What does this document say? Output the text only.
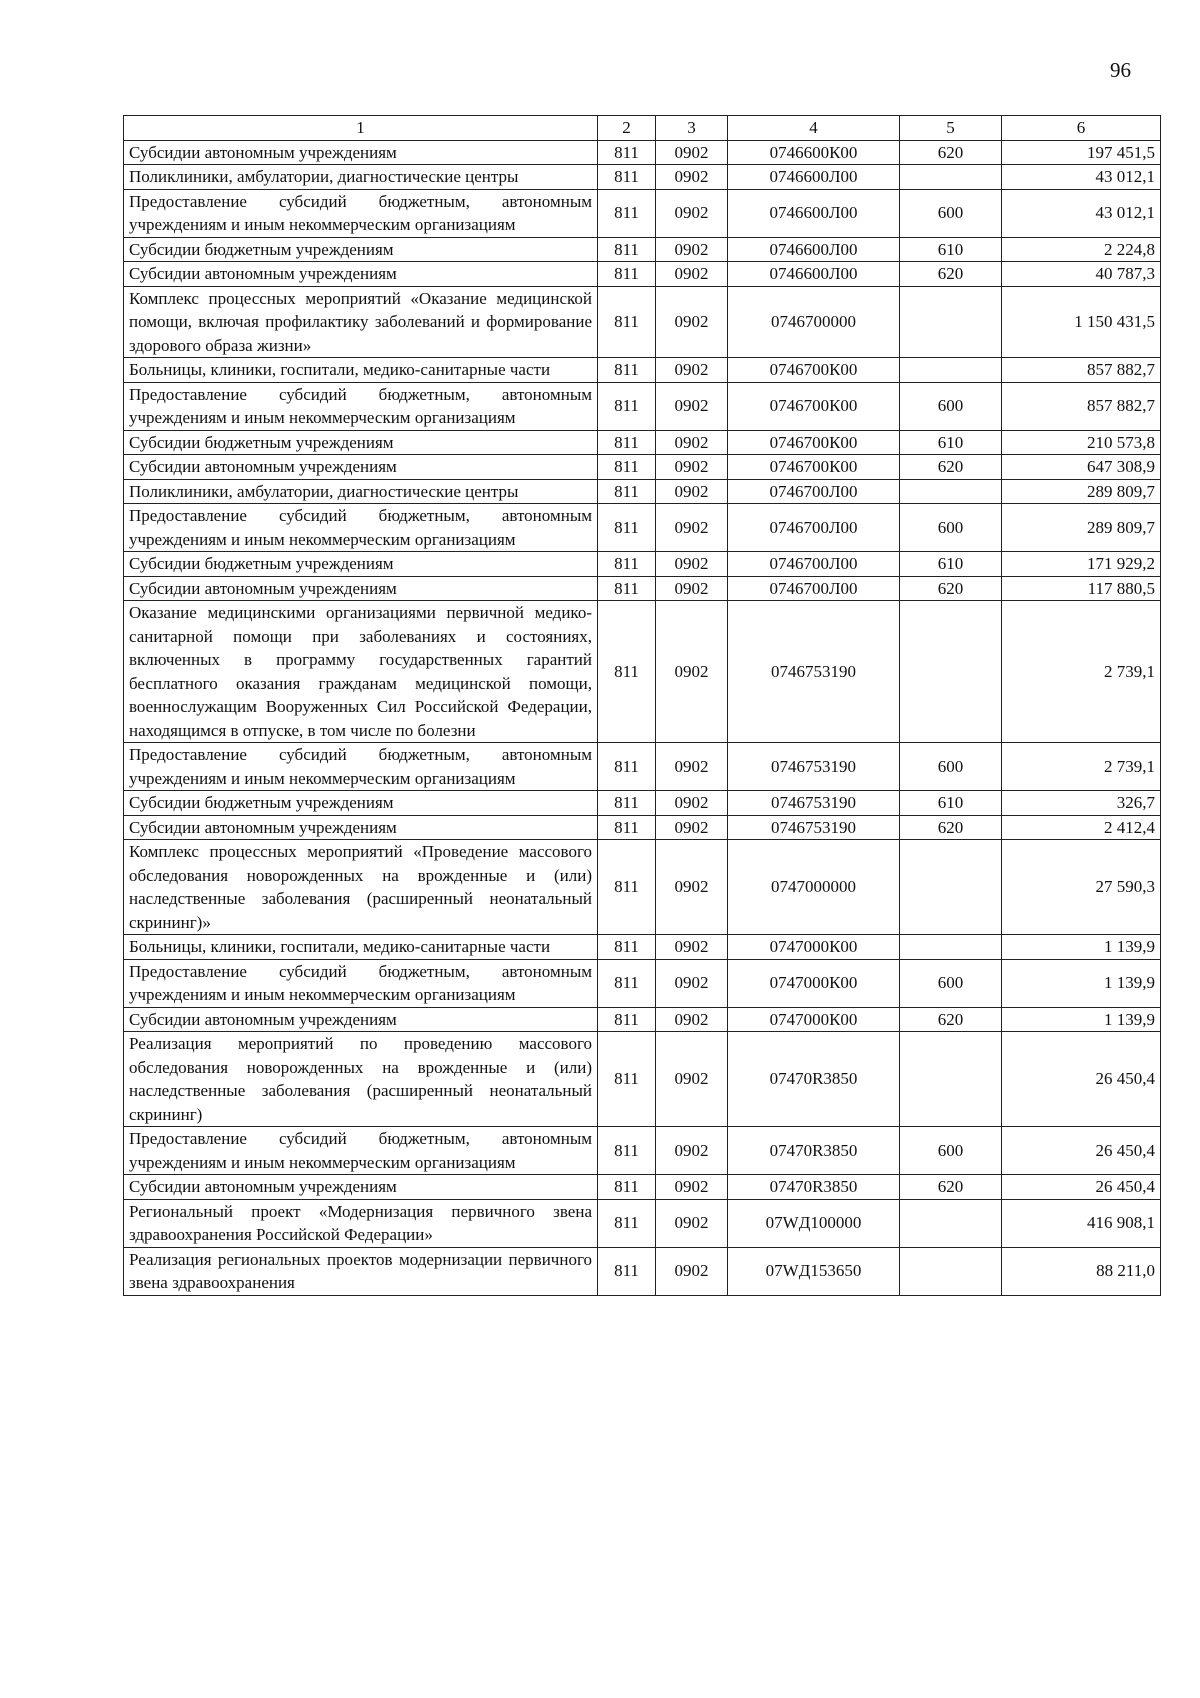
96
1	2	3	4	5	6
Субсидии автономным учреждениям	811	0902	0746600К00	620	197 451,5
Поликлиники, амбулатории, диагностические центры	811	0902	0746600Л00		43 012,1
Предоставление субсидий бюджетным, автономным учреждениям и иным некоммерческим организациям	811	0902	0746600Л00	600	43 012,1
Субсидии бюджетным учреждениям	811	0902	0746600Л00	610	2 224,8
Субсидии автономным учреждениям	811	0902	0746600Л00	620	40 787,3
Комплекс процессных мероприятий «Оказание медицинской помощи, включая профилактику заболеваний и формирование здорового образа жизни»	811	0902	0746700000		1 150 431,5
Больницы, клиники, госпитали, медико-санитарные части	811	0902	0746700К00		857 882,7
Предоставление субсидий бюджетным, автономным учреждениям и иным некоммерческим организациям	811	0902	0746700К00	600	857 882,7
Субсидии бюджетным учреждениям	811	0902	0746700К00	610	210 573,8
Субсидии автономным учреждениям	811	0902	0746700К00	620	647 308,9
Поликлиники, амбулатории, диагностические центры	811	0902	0746700Л00		289 809,7
Предоставление субсидий бюджетным, автономным учреждениям и иным некоммерческим организациям	811	0902	0746700Л00	600	289 809,7
Субсидии бюджетным учреждениям	811	0902	0746700Л00	610	171 929,2
Субсидии автономным учреждениям	811	0902	0746700Л00	620	117 880,5
Оказание медицинскими организациями первичной медико-санитарной помощи при заболеваниях и состояниях, включенных в программу государственных гарантий бесплатного оказания гражданам медицинской помощи, военнослужащим Вооруженных Сил Российской Федерации, находящимся в отпуске, в том числе по болезни	811	0902	0746753190		2 739,1
Предоставление субсидий бюджетным, автономным учреждениям и иным некоммерческим организациям	811	0902	0746753190	600	2 739,1
Субсидии бюджетным учреждениям	811	0902	0746753190	610	326,7
Субсидии автономным учреждениям	811	0902	0746753190	620	2 412,4
Комплекс процессных мероприятий «Проведение массового обследования новорожденных на врожденные и (или) наследственные заболевания (расширенный неонатальный скрининг)»	811	0902	0747000000		27 590,3
Больницы, клиники, госпитали, медико-санитарные части	811	0902	0747000К00		1 139,9
Предоставление субсидий бюджетным, автономным учреждениям и иным некоммерческим организациям	811	0902	0747000К00	600	1 139,9
Субсидии автономным учреждениям	811	0902	0747000К00	620	1 139,9
Реализация мероприятий по проведению массового обследования новорожденных на врожденные и (или) наследственные заболевания (расширенный неонатальный скрининг)	811	0902	07470R3850		26 450,4
Предоставление субсидий бюджетным, автономным учреждениям и иным некоммерческим организациям	811	0902	07470R3850	600	26 450,4
Субсидии автономным учреждениям	811	0902	07470R3850	620	26 450,4
Региональный проект «Модернизация первичного звена здравоохранения Российской Федерации»	811	0902	07WД100000		416 908,1
Реализация региональных проектов модернизации первичного звена здравоохранения	811	0902	07WД153650		88 211,0
